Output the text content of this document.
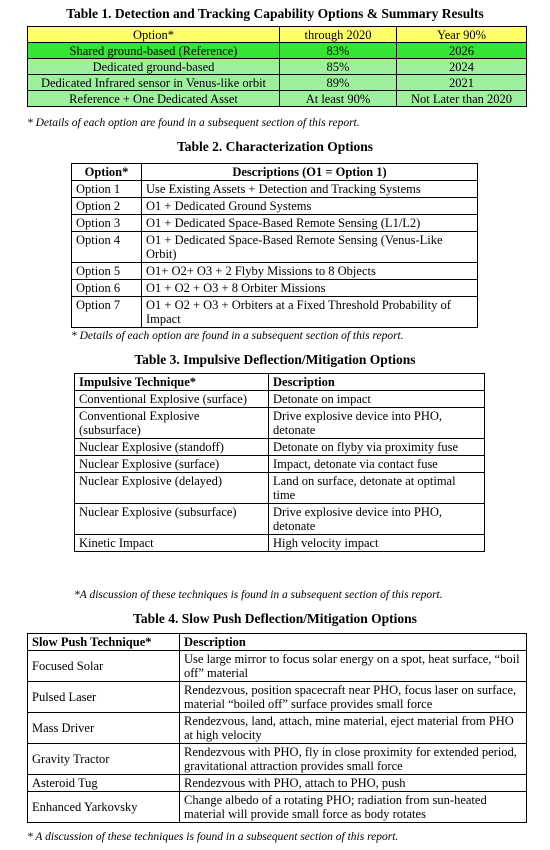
Table 1. Detection and Tracking Capability Options & Summary Results
Option*	through 2020	Year 90%
Shared ground-based (Reference)	83%	2026
Dedicated ground-based	85%	2024
Dedicated Infrared sensor in Venus-like orbit	89%	2021
Reference + One Dedicated Asset	At least 90%	Not Later than 2020
* Details of each option are found in a subsequent section of this report.
Table 2. Characterization Options
Option*	Descriptions (O1 = Option 1)
Option 1	Use Existing Assets + Detection and Tracking Systems
Option 2	O1 + Dedicated Ground Systems
Option 3	O1 + Dedicated Space-Based Remote Sensing (L1/L2)
Option 4	O1 + Dedicated Space-Based Remote Sensing (Venus-Like Orbit)
Option 5	O1+ O2+ O3 + 2 Flyby Missions to 8 Objects
Option 6	O1 + O2 + O3 + 8 Orbiter Missions
Option 7	O1 + O2 + O3 + Orbiters at a Fixed Threshold Probability of Impact
* Details of each option are found in a subsequent section of this report.
Table 3. Impulsive Deflection/Mitigation Options
Impulsive Technique*	Description
Conventional Explosive (surface)	Detonate on impact
Conventional Explosive (subsurface)	Drive explosive device into PHO, detonate
Nuclear Explosive (standoff)	Detonate on flyby via proximity fuse
Nuclear Explosive (surface)	Impact, detonate via contact fuse
Nuclear Explosive (delayed)	Land on surface, detonate at optimal time
Nuclear Explosive (subsurface)	Drive explosive device into PHO, detonate
Kinetic Impact	High velocity impact
*A discussion of these techniques is found in a subsequent section of this report.
Table 4. Slow Push Deflection/Mitigation Options
Slow Push Technique*	Description
Focused Solar	Use large mirror to focus solar energy on a spot, heat surface, “boil off” material
Pulsed Laser	Rendezvous, position spacecraft near PHO, focus laser on surface, material “boiled off” surface provides small force
Mass Driver	Rendezvous, land, attach, mine material, eject material from PHO at high velocity
Gravity Tractor	Rendezvous with PHO, fly in close proximity for extended period, gravitational attraction provides small force
Asteroid Tug	Rendezvous with PHO, attach to PHO, push
Enhanced Yarkovsky	Change albedo of a rotating PHO; radiation from sun-heated material will provide small force as body rotates
* A discussion of these techniques is found in a subsequent section of this report.
